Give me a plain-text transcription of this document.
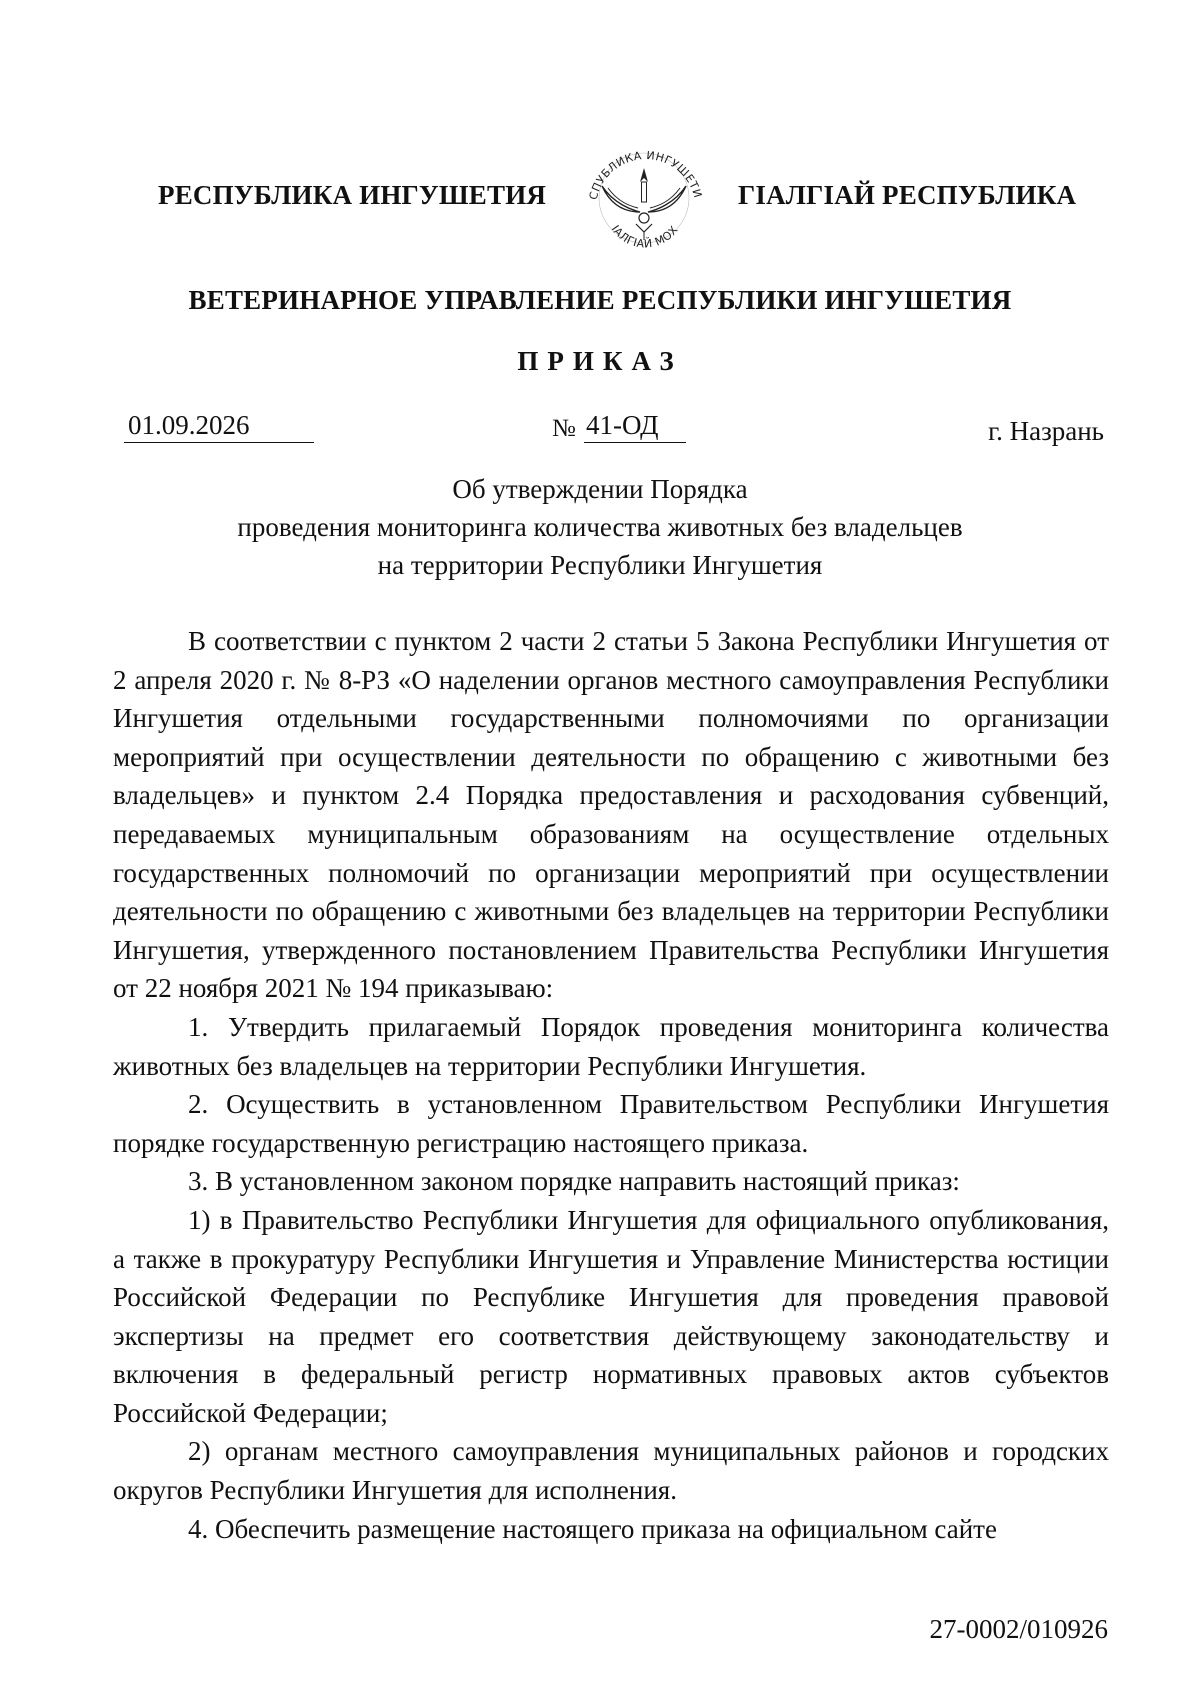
РЕСПУБЛИКА ИНГУШЕТИЯ	СПУБЛИКА ИНГУШЕТИ
IАЛГIАЙ МОХ
ГIАЛГIАЙ РЕСПУБЛИКА
ВЕТЕРИНАРНОЕ УПРАВЛЕНИЕ РЕСПУБЛИКИ ИНГУШЕТИЯ
ПРИКАЗ
01.09.2026	№ 41-ОД	г. Назрань
Об утверждении Порядка
проведения мониторинга количества животных без владельцев
на территории Республики Ингушетия

В соответствии с пунктом 2 части 2 статьи 5 Закона Республики Ингушетия от 2 апреля 2020 г. № 8-РЗ «О наделении органов местного самоуправления Республики Ингушетия отдельными государственными полномочиями по организации мероприятий при осуществлении деятельности по обращению с животными без владельцев» и пунктом 2.4 Порядка предоставления и расходования субвенций, передаваемых муниципальным образованиям на осуществление отдельных государственных полномочий по организации мероприятий при осуществлении деятельности по обращению с животными без владельцев на территории Республики Ингушетия, утвержденного постановлением Правительства Республики Ингушетия от 22 ноября 2021 № 194 приказываю:

1. Утвердить прилагаемый Порядок проведения мониторинга количества животных без владельцев на территории Республики Ингушетия.

2. Осуществить в установленном Правительством Республики Ингушетия порядке государственную регистрацию настоящего приказа.

3. В установленном законом порядке направить настоящий приказ:

1) в Правительство Республики Ингушетия для официального опубликования, а также в прокуратуру Республики Ингушетия и Управление Министерства юстиции Российской Федерации по Республике Ингушетия для проведения правовой экспертизы на предмет его соответствия действующему законодательству и включения в федеральный регистр нормативных правовых актов субъектов Российской Федерации;

2) органам местного самоуправления муниципальных районов и городских округов Республики Ингушетия для исполнения.

4. Обеспечить размещение настоящего приказа на официальном сайте

27-0002/010926
